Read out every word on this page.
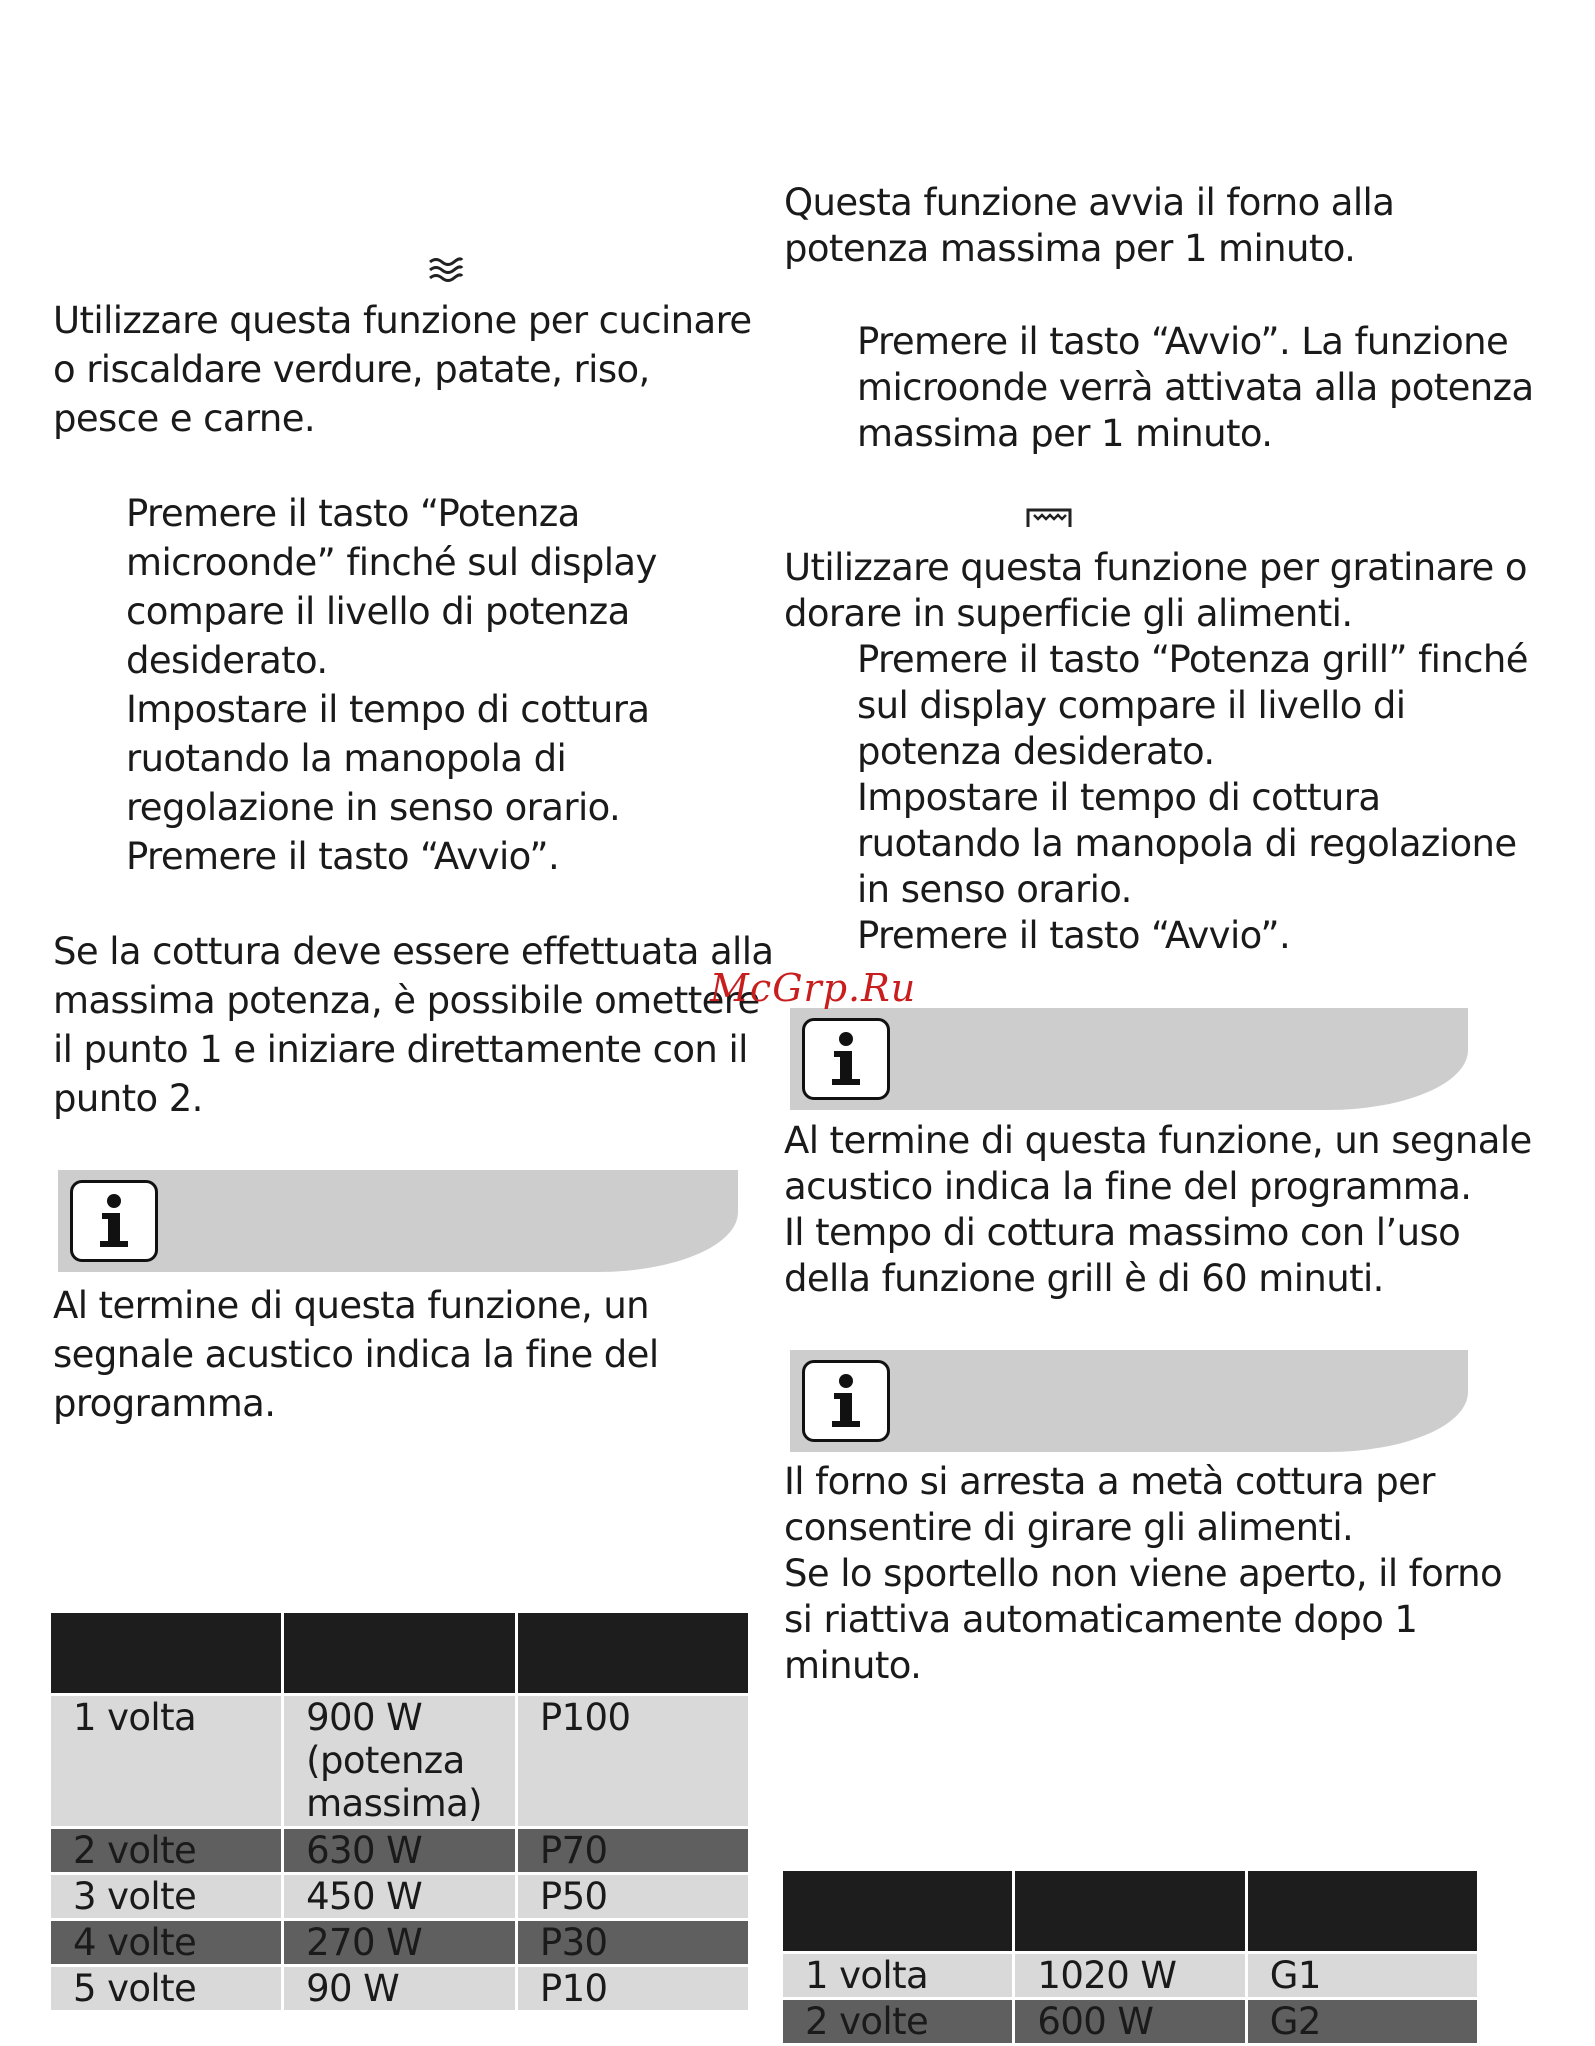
Utilizzare questa funzione per cucinare
o riscaldare verdure, patate, riso,
pesce e carne.
Premere il tasto “Potenza
microonde” finché sul display
compare il livello di potenza
desiderato.
Impostare il tempo di cottura
ruotando la manopola di
regolazione in senso orario.
Premere il tasto “Avvio”.
Se la cottura deve essere effettuata alla
massima potenza, è possibile omettere
il punto 1 e iniziare direttamente con il
punto 2.
Al termine di questa funzione, un
segnale acustico indica la fine del
programma.

1 volta	900 W
(potenza
massima)	P100
2 volte	630 W	P70
3 volte	450 W	P50
4 volte	270 W	P30
5 volte	90 W	P10
Questa funzione avvia il forno alla
potenza massima per 1 minuto.
Premere il tasto “Avvio”. La funzione
microonde verrà attivata alla potenza
massima per 1 minuto.
Utilizzare questa funzione per gratinare o
dorare in superficie gli alimenti.
Premere il tasto “Potenza grill” finché
sul display compare il livello di
potenza desiderato.
Impostare il tempo di cottura
ruotando la manopola di regolazione
in senso orario.
Premere il tasto “Avvio”.
McGrp.Ru
Al termine di questa funzione, un segnale
acustico indica la fine del programma.
Il tempo di cottura massimo con l’uso
della funzione grill è di 60 minuti.
Il forno si arresta a metà cottura per
consentire di girare gli alimenti.
Se lo sportello non viene aperto, il forno
si riattiva automaticamente dopo 1
minuto.

1 volta	1020 W	G1
2 volte	600 W	G2
